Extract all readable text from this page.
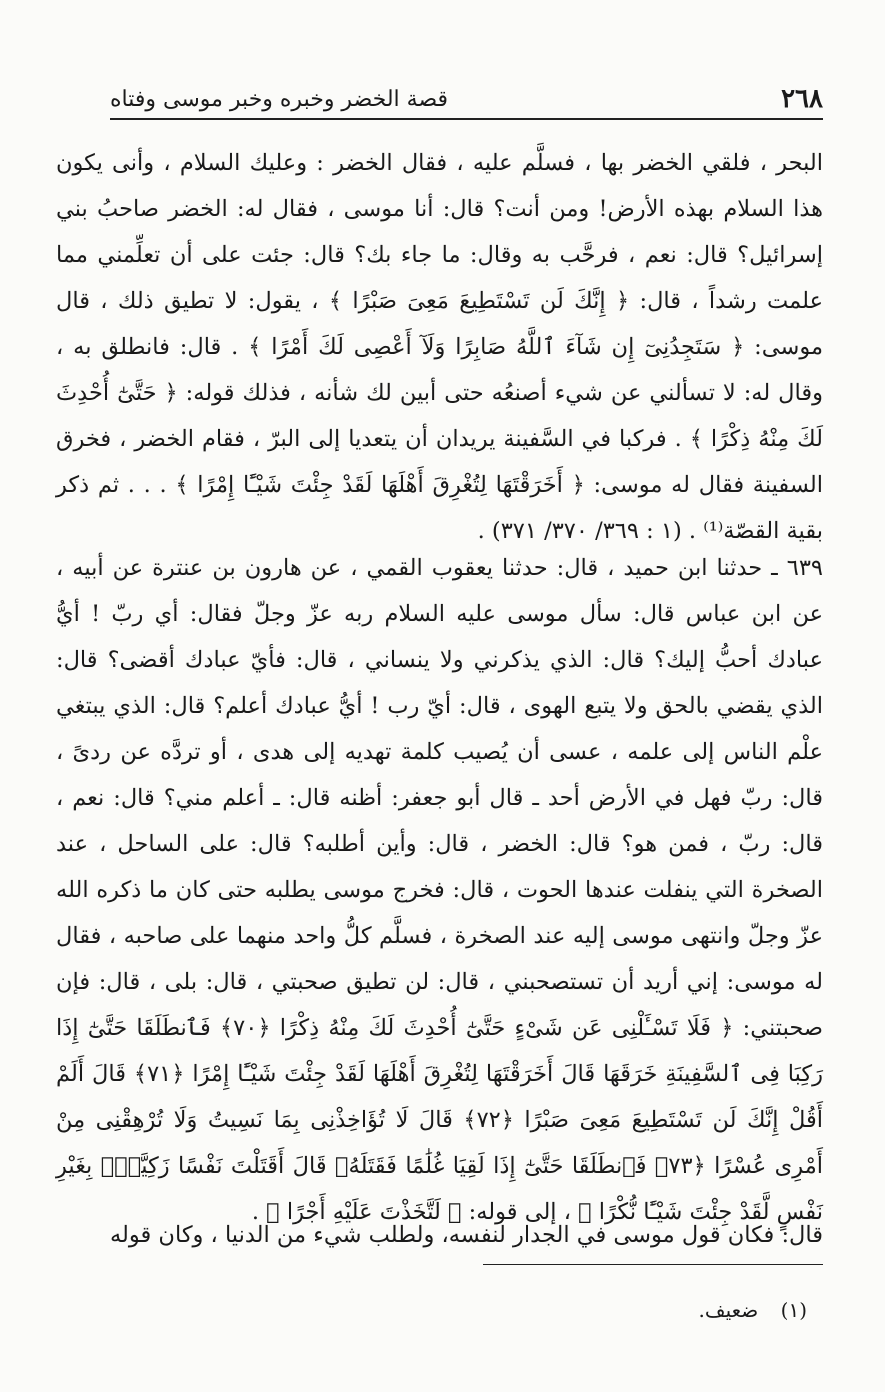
٢٦٨
قصة الخضر وخبره وخبر موسى وفتاه
البحر ، فلقي الخضر بها ، فسلَّم عليه ، فقال الخضر : وعليك السلام ، وأنى يكون هذا السلام بهذه الأرض! ومن أنت؟ قال: أنا موسى ، فقال له: الخضر صاحبُ بني إسرائيل؟ قال: نعم ، فرحَّب به وقال: ما جاء بك؟ قال: جئت على أن تعلِّمني مما علمت رشداً ، قال: ﴿ إِنَّكَ لَن تَسْتَطِيعَ مَعِىَ صَبْرًا ﴾ ، يقول: لا تطيق ذلك ، قال موسى: ﴿ سَتَجِدُنِىٓ إِن شَآءَ ٱللَّهُ صَابِرًا وَلَآ أَعْصِى لَكَ أَمْرًا ﴾ . قال: فانطلق به ، وقال له: لا تسألني عن شيء أصنعُه حتى أبين لك شأنه ، فذلك قوله: ﴿ حَتَّىٰٓ أُحْدِثَ لَكَ مِنْهُ ذِكْرًا ﴾ . فركبا في السَّفينة يريدان أن يتعديا إلى البرّ ، فقام الخضر ، فخرق السفينة فقال له موسى: ﴿ أَخَرَقْتَهَا لِتُغْرِقَ أَهْلَهَا لَقَدْ جِئْتَ شَيْـًٔا إِمْرًا ﴾ . . . ثم ذكر بقية القصّة⁽¹⁾ . (١ : ٣٦٩/ ٣٧٠/ ٣٧١) .
٦٣٩ ـ حدثنا ابن حميد ، قال: حدثنا يعقوب القمي ، عن هارون بن عنترة عن أبيه ، عن ابن عباس قال: سأل موسى عليه السلام ربه عزّ وجلّ فقال: أي ربّ ! أيُّ عبادك أحبُّ إليك؟ قال: الذي يذكرني ولا ينساني ، قال: فأيّ عبادك أقضى؟ قال: الذي يقضي بالحق ولا يتبع الهوى ، قال: أيّ رب ! أيُّ عبادك أعلم؟ قال: الذي يبتغي علْم الناس إلى علمه ، عسى أن يُصيب كلمة تهديه إلى هدى ، أو تردَّه عن ردىً ، قال: ربّ فهل في الأرض أحد ـ قال أبو جعفر: أظنه قال: ـ أعلم مني؟ قال: نعم ، قال: ربّ ، فمن هو؟ قال: الخضر ، قال: وأين أطلبه؟ قال: على الساحل ، عند الصخرة التي ينفلت عندها الحوت ، قال: فخرج موسى يطلبه حتى كان ما ذكره الله عزّ وجلّ وانتهى موسى إليه عند الصخرة ، فسلَّم كلُّ واحد منهما على صاحبه ، فقال له موسى: إني أريد أن تستصحبني ، قال: لن تطيق صحبتي ، قال: بلى ، قال: فإن صحبتني: ﴿ فَلَا تَسْـَٔلْنِى عَن شَىْءٍ حَتَّىٰٓ أُحْدِثَ لَكَ مِنْهُ ذِكْرًا ﴿٧٠﴾ فَٱنطَلَقَا حَتَّىٰٓ إِذَا رَكِبَا فِى ٱلسَّفِينَةِ خَرَقَهَا قَالَ أَخَرَقْتَهَا لِتُغْرِقَ أَهْلَهَا لَقَدْ جِئْتَ شَيْـًٔا إِمْرًا ﴿٧١﴾ قَالَ أَلَمْ أَقُلْ إِنَّكَ لَن تَسْتَطِيعَ مَعِىَ صَبْرًا ﴿٧٢﴾ قَالَ لَا تُؤَاخِذْنِى بِمَا نَسِيتُ وَلَا تُرْهِقْنِى مِنْ أَمْرِى عُسْرًا ﴿٧٣﴾ فَٱنطَلَقَا حَتَّىٰٓ إِذَا لَقِيَا غُلَٰمًا فَقَتَلَهُۥ قَالَ أَقَتَلْتَ نَفْسًا زَكِيَّةًۢ بِغَيْرِ نَفْسٍ لَّقَدْ جِئْتَ شَيْـًٔا نُّكْرًا ﴾ ، إلى قوله: ﴿ لَتَّخَذْتَ عَلَيْهِ أَجْرًا ﴾ .
قال: فكان قول موسى في الجدار لنفسه، ولطلب شيء من الدنيا ، وكان قوله
(١) ضعيف.
